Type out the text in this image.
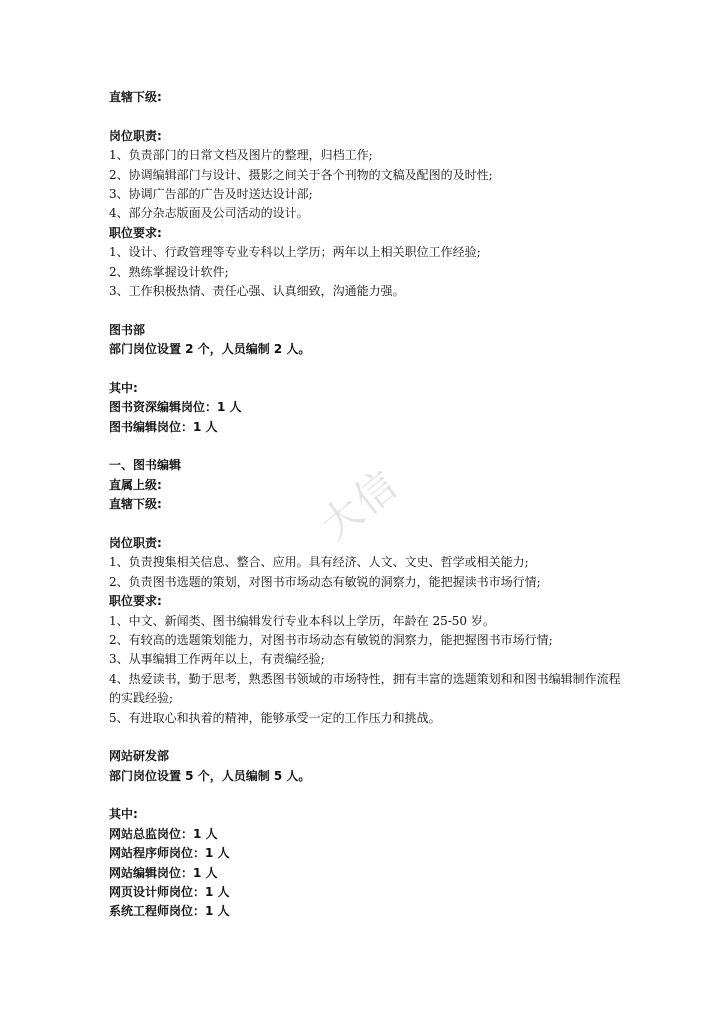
直辖下级:
岗位职责:
1、负责部门的日常文档及图片的整理，归档工作;
2、协调编辑部门与设计、摄影之间关于各个刊物的文稿及配图的及时性;
3、协调广告部的广告及时送达设计部;
4、部分杂志版面及公司活动的设计。
职位要求:
1、设计、行政管理等专业专科以上学历；两年以上相关职位工作经验;
2、熟练掌握设计软件;
3、工作积极热情、责任心强、认真细致，沟通能力强。
图书部
部门岗位设置 2 个，人员编制 2 人。
其中:
图书资深编辑岗位：1 人
图书编辑岗位：1 人
一、图书编辑
直属上级:
直辖下级:
岗位职责:
1、负责搜集相关信息、整合、应用。具有经济、人文、文史、哲学或相关能力;
2、负责图书选题的策划，对图书市场动态有敏锐的洞察力，能把握读书市场行情;
职位要求:
1、中文、新闻类、图书编辑发行专业本科以上学历，年龄在 25-50 岁。
2、有较高的选题策划能力，对图书市场动态有敏锐的洞察力，能把握图书市场行情;
3、从事编辑工作两年以上，有责编经验;
4、热爱读书，勤于思考，熟悉图书领域的市场特性，拥有丰富的选题策划和和图书编辑制作流程的实践经验;
5、有进取心和执着的精神，能够承受一定的工作压力和挑战。
网站研发部
部门岗位设置 5 个，人员编制 5 人。
其中:
网站总监岗位：1 人
网站程序师岗位：1 人
网站编辑岗位：1 人
网页设计师岗位：1 人
系统工程师岗位：1 人
大信
